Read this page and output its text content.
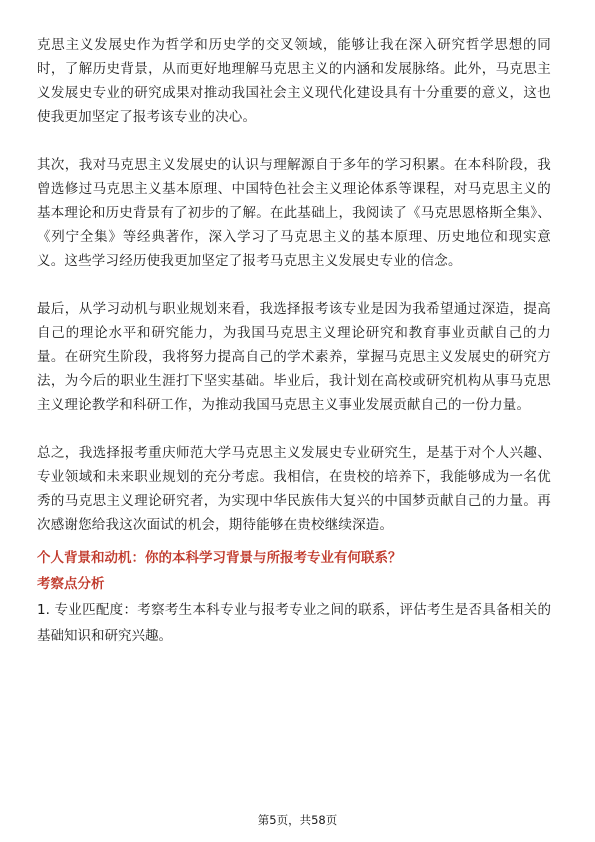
克思主义发展史作为哲学和历史学的交叉领域，能够让我在深入研究哲学思想的同时，了解历史背景，从而更好地理解马克思主义的内涵和发展脉络。此外，马克思主义发展史专业的研究成果对推动我国社会主义现代化建设具有十分重要的意义，这也使我更加坚定了报考该专业的决心。

其次，我对马克思主义发展史的认识与理解源自于多年的学习积累。在本科阶段，我曾选修过马克思主义基本原理、中国特色社会主义理论体系等课程，对马克思主义的基本理论和历史背景有了初步的了解。在此基础上，我阅读了《马克思恩格斯全集》、《列宁全集》等经典著作，深入学习了马克思主义的基本原理、历史地位和现实意义。这些学习经历使我更加坚定了报考马克思主义发展史专业的信念。

最后，从学习动机与职业规划来看，我选择报考该专业是因为我希望通过深造，提高自己的理论水平和研究能力，为我国马克思主义理论研究和教育事业贡献自己的力量。在研究生阶段，我将努力提高自己的学术素养，掌握马克思主义发展史的研究方法，为今后的职业生涯打下坚实基础。毕业后，我计划在高校或研究机构从事马克思主义理论教学和科研工作，为推动我国马克思主义事业发展贡献自己的一份力量。

总之，我选择报考重庆师范大学马克思主义发展史专业研究生，是基于对个人兴趣、专业领域和未来职业规划的充分考虑。我相信，在贵校的培养下，我能够成为一名优秀的马克思主义理论研究者，为实现中华民族伟大复兴的中国梦贡献自己的力量。再次感谢您给我这次面试的机会，期待能够在贵校继续深造。

个人背景和动机：你的本科学习背景与所报考专业有何联系？
考察点分析
1. 专业匹配度：考察考生本科专业与报考专业之间的联系，评估考生是否具备相关的基础知识和研究兴趣。
第5页，共58页
